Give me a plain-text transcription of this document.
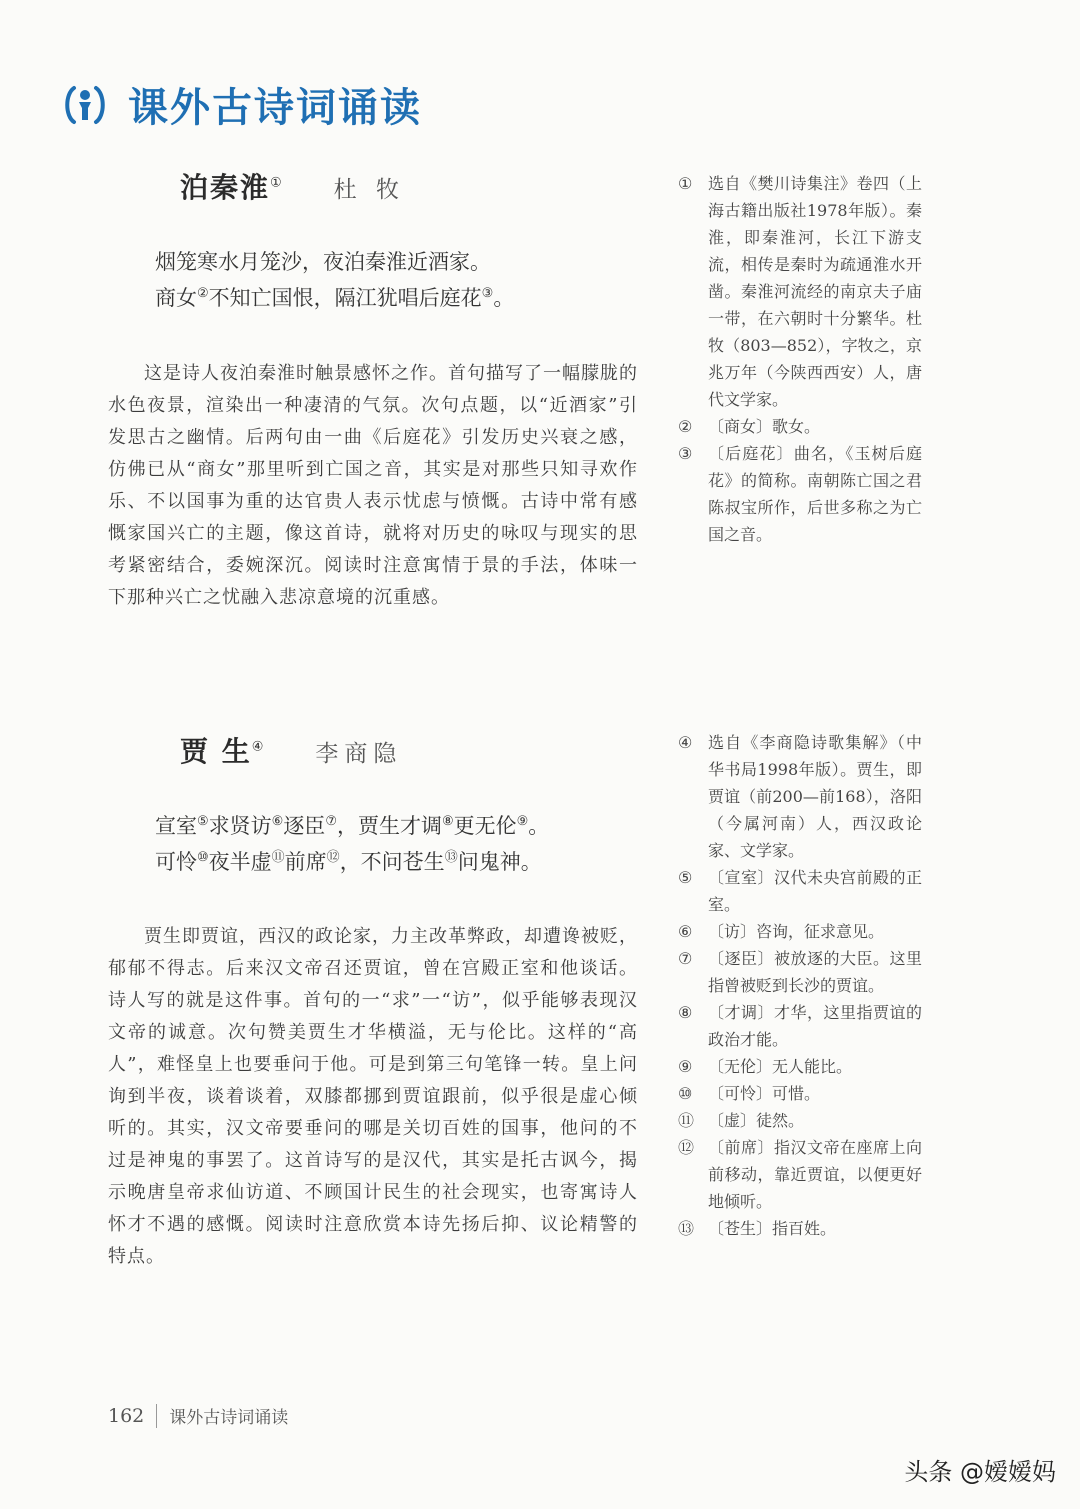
课外古诗词诵读
泊秦淮① 杜 牧
烟笼寒水月笼沙，夜泊秦淮近酒家。
商女②不知亡国恨，隔江犹唱后庭花③。
这是诗人夜泊秦淮时触景感怀之作。首句描写了一幅朦胧的水色夜景，渲染出一种凄清的气氛。次句点题，以“近酒家”引发思古之幽情。后两句由一曲《后庭花》引发历史兴衰之感，仿佛已从“商女”那里听到亡国之音，其实是对那些只知寻欢作乐、不以国事为重的达官贵人表示忧虑与愤慨。古诗中常有感慨家国兴亡的主题，像这首诗，就将对历史的咏叹与现实的思考紧密结合，委婉深沉。阅读时注意寓情于景的手法，体味一下那种兴亡之忧融入悲凉意境的沉重感。
① 选自《樊川诗集注》卷四（上海古籍出版社1978年版）。秦淮，即秦淮河，长江下游支流，相传是秦时为疏通淮水开凿。秦淮河流经的南京夫子庙一带，在六朝时十分繁华。杜牧（803—852），字牧之，京兆万年（今陕西西安）人，唐代文学家。
② 〔商女〕歌女。
③ 〔后庭花〕曲名，《玉树后庭花》的简称。南朝陈亡国之君陈叔宝所作，后世多称之为亡国之音。
贾 生④ 李商隐
宣室⑤求贤访⑥逐臣⑦，贾生才调⑧更无伦⑨。
可怜⑩夜半虚⑪前席⑫，不问苍生⑬问鬼神。
贾生即贾谊，西汉的政论家，力主改革弊政，却遭谗被贬，郁郁不得志。后来汉文帝召还贾谊，曾在宫殿正室和他谈话。诗人写的就是这件事。首句的一“求”一“访”，似乎能够表现汉文帝的诚意。次句赞美贾生才华横溢，无与伦比。这样的“高人”，难怪皇上也要垂问于他。可是到第三句笔锋一转。皇上问询到半夜，谈着谈着，双膝都挪到贾谊跟前，似乎很是虚心倾听的。其实，汉文帝要垂问的哪是关切百姓的国事，他问的不过是神鬼的事罢了。这首诗写的是汉代，其实是托古讽今，揭示晚唐皇帝求仙访道、不顾国计民生的社会现实，也寄寓诗人怀才不遇的感慨。阅读时注意欣赏本诗先扬后抑、议论精警的特点。
④ 选自《李商隐诗歌集解》（中华书局1998年版）。贾生，即贾谊（前200—前168），洛阳（今属河南）人，西汉政论家、文学家。
⑤ 〔宣室〕汉代未央宫前殿的正室。
⑥ 〔访〕咨询，征求意见。
⑦ 〔逐臣〕被放逐的大臣。这里指曾被贬到长沙的贾谊。
⑧ 〔才调〕才华，这里指贾谊的政治才能。
⑨ 〔无伦〕无人能比。
⑩ 〔可怜〕可惜。
⑪ 〔虚〕徒然。
⑫ 〔前席〕指汉文帝在座席上向前移动，靠近贾谊，以便更好地倾听。
⑬ 〔苍生〕指百姓。
162 课外古诗词诵读
头条 @嫒嫒妈
